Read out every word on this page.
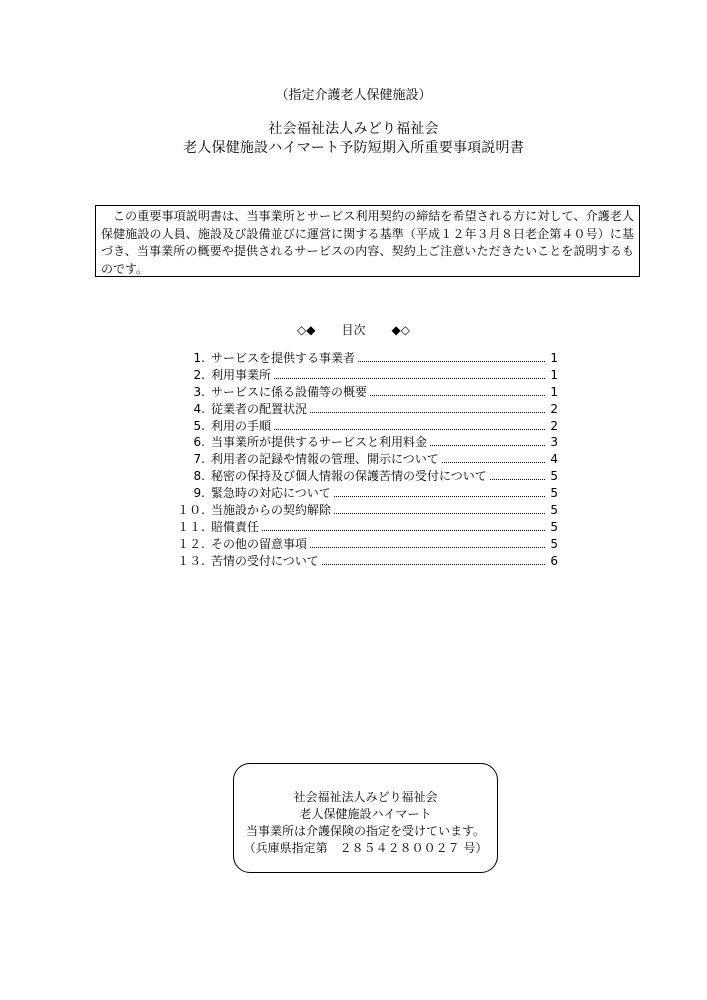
（指定介護老人保健施設）
社会福祉法人みどり福祉会
老人保健施設ハイマート予防短期入所重要事項説明書

この重要事項説明書は、当事業所とサービス利用契約の締結を希望される方に対して、介護老人保健施設の人員、施設及び設備並びに運営に関する基準（平成１２年３月８日老企第４０号）に基づき、当事業所の概要や提供されるサービスの内容、契約上ご注意いただきたいことを説明するものです。

◇◆ 目次 ◆◇
1. サービスを提供する事業者	1
2. 利用事業所	1
3. サービスに係る設備等の概要	1
4. 従業者の配置状況	2
5. 利用の手順	2
6. 当事業所が提供するサービスと利用料金	3
7. 利用者の記録や情報の管理、開示について	4
8. 秘密の保持及び個人情報の保護苦情の受付について	5
9. 緊急時の対応について	5
１０. 当施設からの契約解除	5
１１. 賠償責任	5
１２. その他の留意事項	5
１３. 苦情の受付について	6
社会福祉法人みどり福祉会
老人保健施設ハイマート
当事業所は介護保険の指定を受けています。
（兵庫県指定第　２８５４２８００２７ 号）
